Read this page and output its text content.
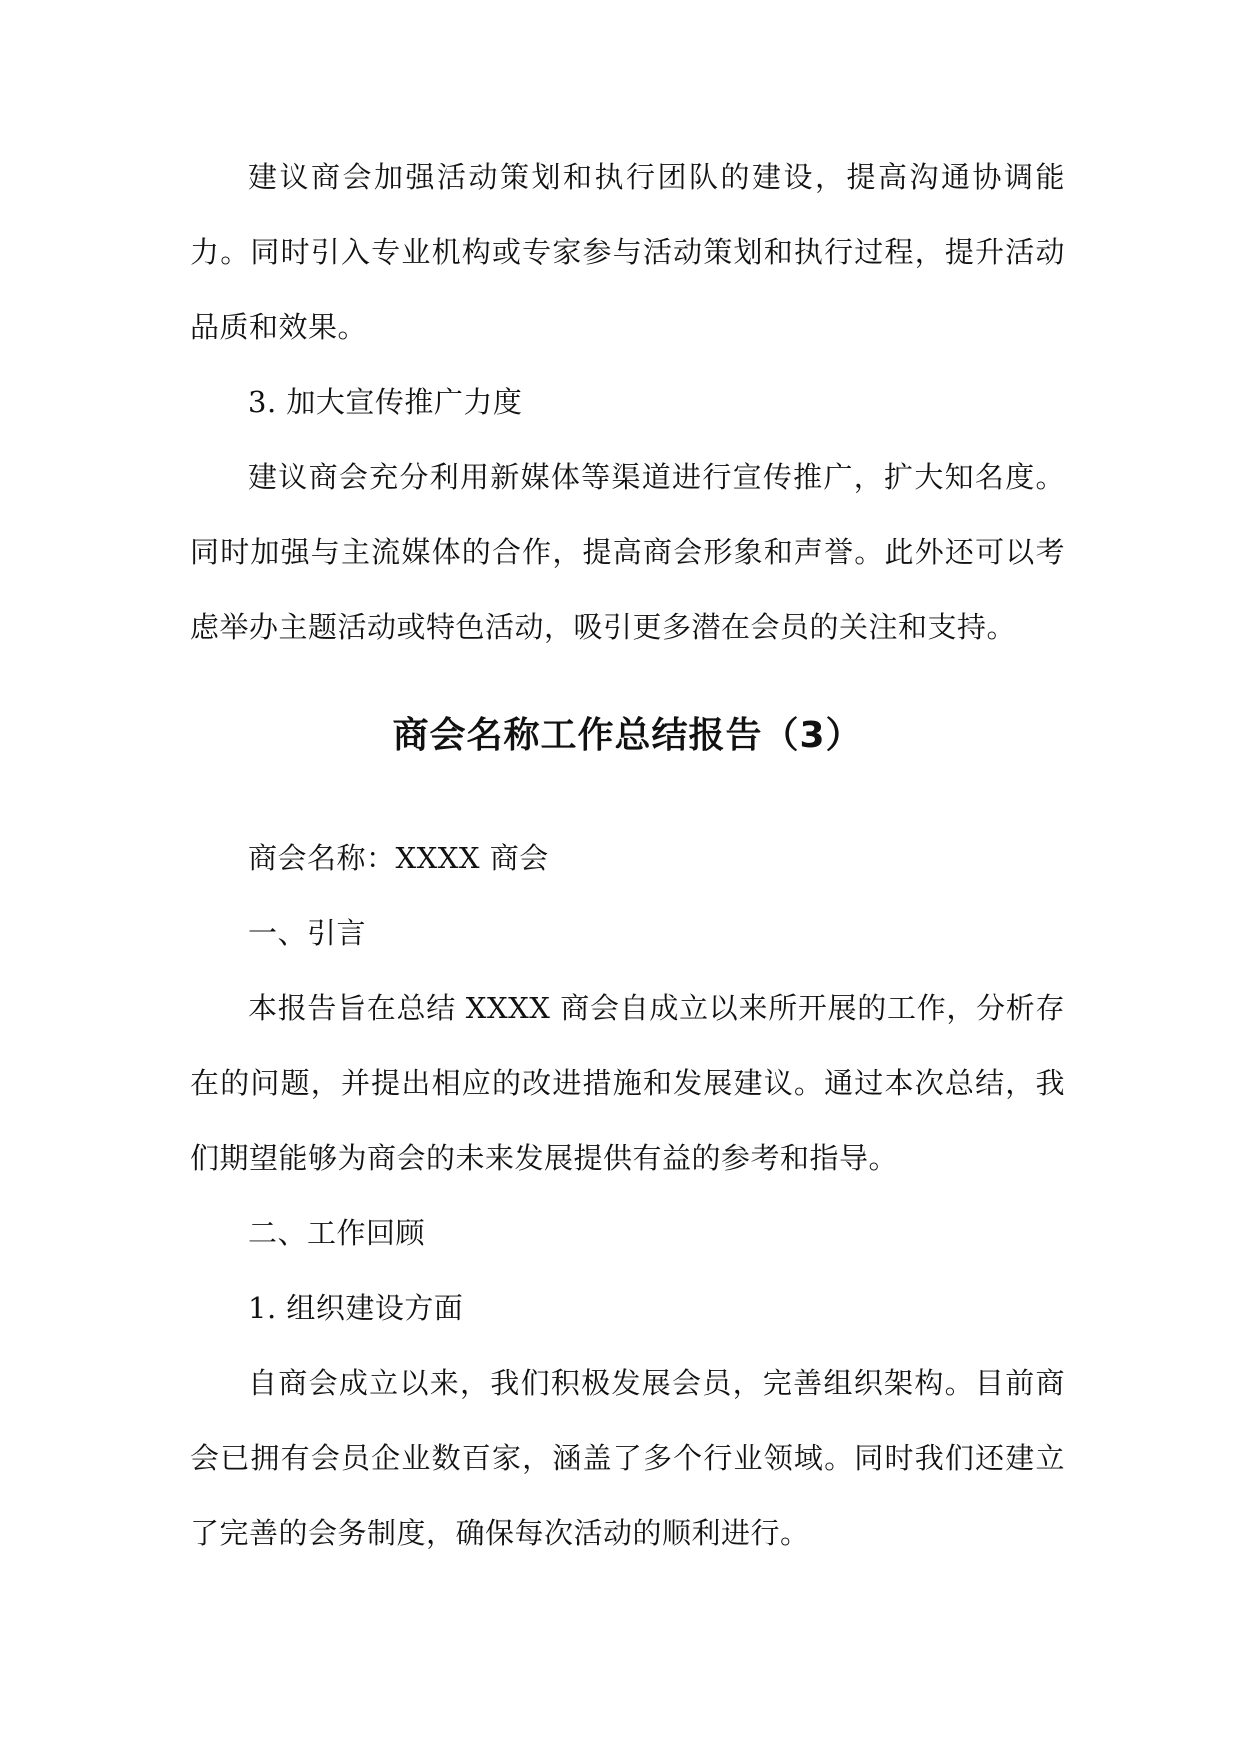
建议商会加强活动策划和执行团队的建设，提高沟通协调能力。同时引入专业机构或专家参与活动策划和执行过程，提升活动品质和效果。

3. 加大宣传推广力度

建议商会充分利用新媒体等渠道进行宣传推广，扩大知名度。同时加强与主流媒体的合作，提高商会形象和声誉。此外还可以考虑举办主题活动或特色活动，吸引更多潜在会员的关注和支持。

商会名称工作总结报告（3）

商会名称：XXXX 商会

一、引言

本报告旨在总结 XXXX 商会自成立以来所开展的工作，分析存在的问题，并提出相应的改进措施和发展建议。通过本次总结，我们期望能够为商会的未来发展提供有益的参考和指导。

二、工作回顾

1. 组织建设方面

自商会成立以来，我们积极发展会员，完善组织架构。目前商会已拥有会员企业数百家，涵盖了多个行业领域。同时我们还建立了完善的会务制度，确保每次活动的顺利进行。
